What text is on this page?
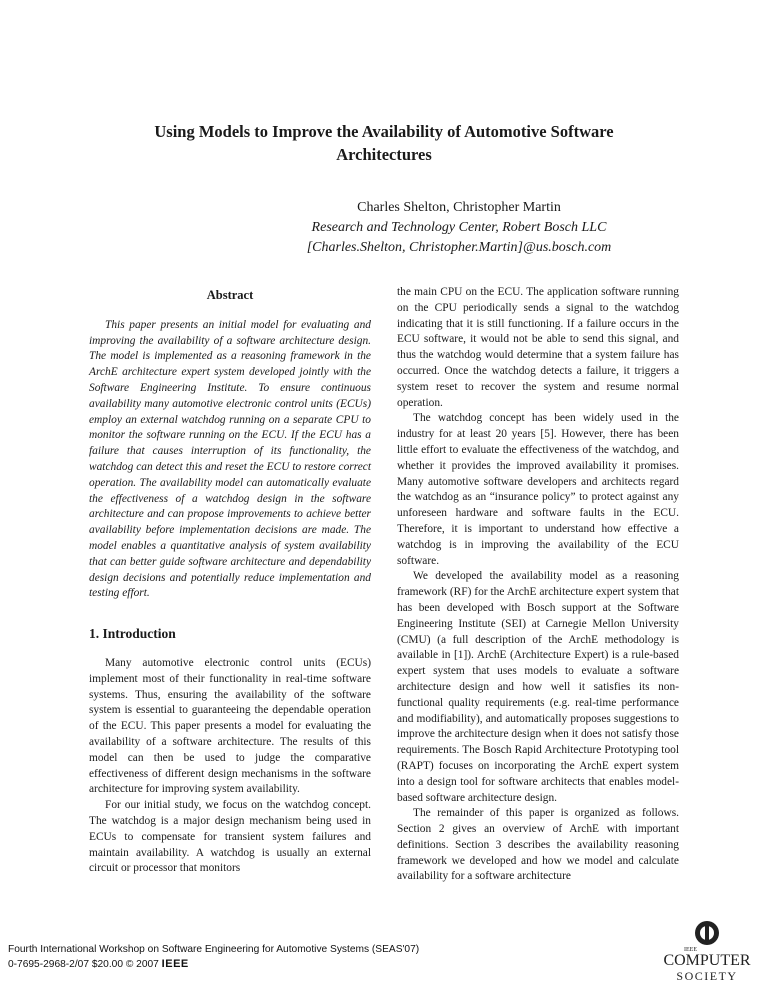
Using Models to Improve the Availability of Automotive Software
Architectures
Charles Shelton, Christopher Martin
Research and Technology Center, Robert Bosch LLC
[Charles.Shelton, Christopher.Martin]@us.bosch.com
Abstract

This paper presents an initial model for evaluating and improving the availability of a software architecture design. The model is implemented as a reasoning framework in the ArchE architecture expert system developed jointly with the Software Engineering Institute. To ensure continuous availability many automotive electronic control units (ECUs) employ an external watchdog running on a separate CPU to monitor the software running on the ECU. If the ECU has a failure that causes interruption of its functionality, the watchdog can detect this and reset the ECU to restore correct operation. The availability model can automatically evaluate the effectiveness of a watchdog design in the software architecture and can propose improvements to achieve better availability before implementation decisions are made. The model enables a quantitative analysis of system availability that can better guide software architecture and dependability design decisions and potentially reduce implementation and testing effort.

1. Introduction

Many automotive electronic control units (ECUs) implement most of their functionality in real-time software systems. Thus, ensuring the availability of the software system is essential to guaranteeing the dependable operation of the ECU. This paper presents a model for evaluating the availability of a software architecture. The results of this model can then be used to judge the comparative effectiveness of different design mechanisms in the software architecture for improving system availability.

For our initial study, we focus on the watchdog concept. The watchdog is a major design mechanism being used in ECUs to compensate for transient system failures and maintain availability. A watchdog is usually an external circuit or processor that monitors

the main CPU on the ECU. The application software running on the CPU periodically sends a signal to the watchdog indicating that it is still functioning. If a failure occurs in the ECU software, it would not be able to send this signal, and thus the watchdog would determine that a system failure has occurred. Once the watchdog detects a failure, it triggers a system reset to recover the system and resume normal operation.

The watchdog concept has been widely used in the industry for at least 20 years [5]. However, there has been little effort to evaluate the effectiveness of the watchdog, and whether it provides the improved availability it promises. Many automotive software developers and architects regard the watchdog as an “insurance policy” to protect against any unforeseen hardware and software faults in the ECU. Therefore, it is important to understand how effective a watchdog is in improving the availability of the ECU software.

We developed the availability model as a reasoning framework (RF) for the ArchE architecture expert system that has been developed with Bosch support at the Software Engineering Institute (SEI) at Carnegie Mellon University (CMU) (a full description of the ArchE methodology is available in [1]). ArchE (Architecture Expert) is a rule-based expert system that uses models to evaluate a software architecture design and how well it satisfies its non-functional quality requirements (e.g. real-time performance and modifiability), and automatically proposes suggestions to improve the architecture design when it does not satisfy those requirements. The Bosch Rapid Architecture Prototyping tool (RAPT) focuses on incorporating the ArchE expert system into a design tool for software architects that enables model-based software architecture design.

The remainder of this paper is organized as follows. Section 2 gives an overview of ArchE with important definitions. Section 3 describes the availability reasoning framework we developed and how we model and calculate availability for a software architecture

Fourth International Workshop on Software Engineering for Automotive Systems (SEAS'07)
0-7695-2968-2/07 $20.00 © 2007 IEEE
IEEE
COMPUTER
SOCIETY
